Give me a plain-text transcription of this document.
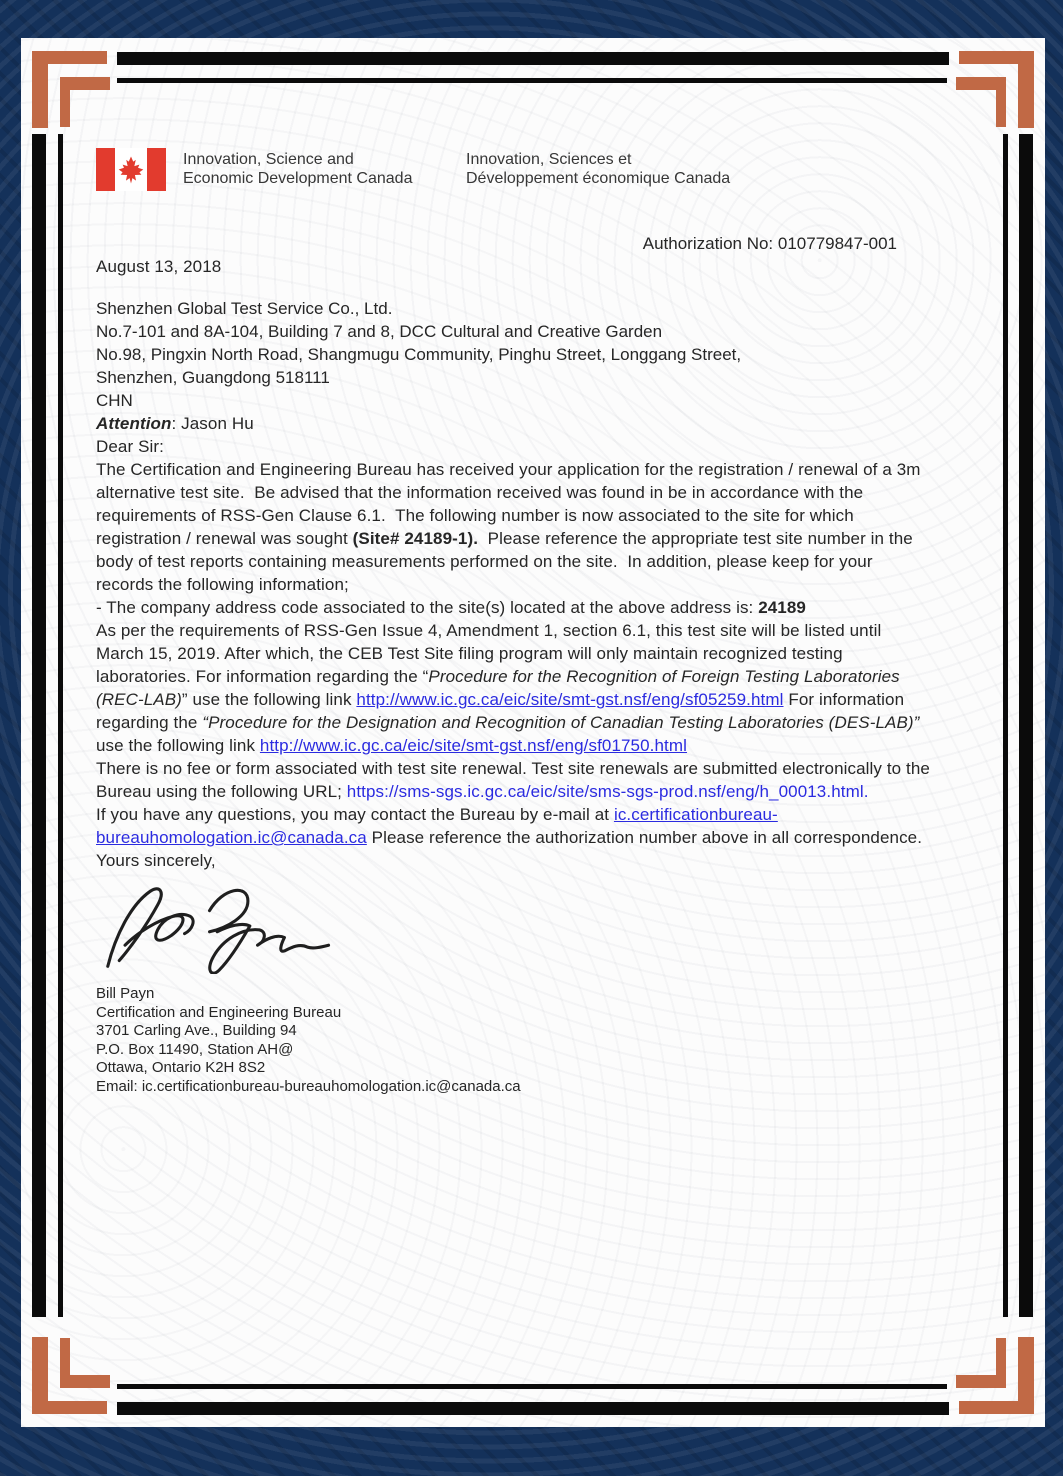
Innovation, Science and
Economic Development Canada
Innovation, Sciences et
Développement économique Canada
Authorization No: 010779847-001

August 13, 2018

Shenzhen Global Test Service Co., Ltd.
No.7-101 and 8A-104, Building 7 and 8, DCC Cultural and Creative Garden
No.98, Pingxin North Road, Shangmugu Community, Pinghu Street, Longgang Street,
Shenzhen, Guangdong 518111
CHN

Attention: Jason Hu

Dear Sir:

The Certification and Engineering Bureau has received your application for the registration / renewal of a 3m alternative test site.  Be advised that the information received was found in be in accordance with the requirements of RSS-Gen Clause 6.1.  The following number is now associated to the site for which registration / renewal was sought (Site# 24189-1).  Please reference the appropriate test site number in the body of test reports containing measurements performed on the site.  In addition, please keep for your records the following information;

- The company address code associated to the site(s) located at the above address is: 24189

As per the requirements of RSS-Gen Issue 4, Amendment 1, section 6.1, this test site will be listed until March 15, 2019. After which, the CEB Test Site filing program will only maintain recognized testing laboratories. For information regarding the “Procedure for the Recognition of Foreign Testing Laboratories (REC-LAB)” use the following link http://www.ic.gc.ca/eic/site/smt-gst.nsf/eng/sf05259.html For information regarding the “Procedure for the Designation and Recognition of Canadian Testing Laboratories (DES-LAB)” use the following link http://www.ic.gc.ca/eic/site/smt-gst.nsf/eng/sf01750.html

There is no fee or form associated with test site renewal. Test site renewals are submitted electronically to the Bureau using the following URL; https://sms-sgs.ic.gc.ca/eic/site/sms-sgs-prod.nsf/eng/h_00013.html.

If you have any questions, you may contact the Bureau by e-mail at ic.certificationbureau-bureauhomologation.ic@canada.ca Please reference the authorization number above in all correspondence.

Yours sincerely,

Bill Payn
Certification and Engineering Bureau
3701 Carling Ave., Building 94
P.O. Box 11490, Station AH@
Ottawa, Ontario K2H 8S2
Email: ic.certificationbureau-bureauhomologation.ic@canada.ca
